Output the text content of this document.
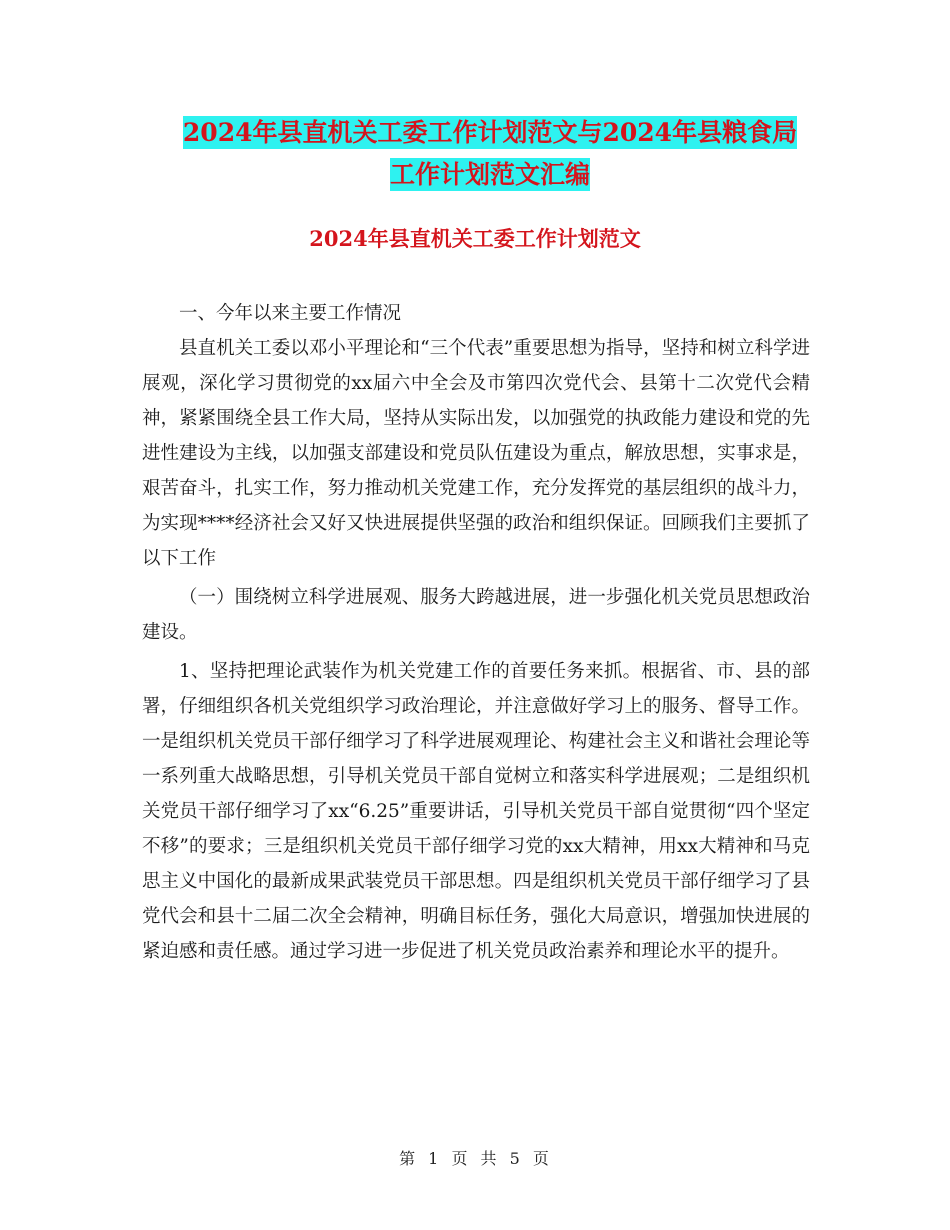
2024年县直机关工委工作计划范文与2024年县粮食局
工作计划范文汇编
2024年县直机关工委工作计划范文

一、今年以来主要工作情况

县直机关工委以邓小平理论和“三个代表”重要思想为指导，坚持和树立科学进展观，深化学习贯彻党的xx届六中全会及市第四次党代会、县第十二次党代会精神，紧紧围绕全县工作大局，坚持从实际出发，以加强党的执政能力建设和党的先进性建设为主线，以加强支部建设和党员队伍建设为重点，解放思想，实事求是，艰苦奋斗，扎实工作，努力推动机关党建工作，充分发挥党的基层组织的战斗力，为实现****经济社会又好又快进展提供坚强的政治和组织保证。回顾我们主要抓了以下工作

（一）围绕树立科学进展观、服务大跨越进展，进一步强化机关党员思想政治建设。

1、坚持把理论武装作为机关党建工作的首要任务来抓。根据省、市、县的部署，仔细组织各机关党组织学习政治理论，并注意做好学习上的服务、督导工作。一是组织机关党员干部仔细学习了科学进展观理论、构建社会主义和谐社会理论等一系列重大战略思想，引导机关党员干部自觉树立和落实科学进展观；二是组织机关党员干部仔细学习了xx“6.25”重要讲话，引导机关党员干部自觉贯彻“四个坚定不移”的要求；三是组织机关党员干部仔细学习党的xx大精神，用xx大精神和马克思主义中国化的最新成果武装党员干部思想。四是组织机关党员干部仔细学习了县党代会和县十二届二次全会精神，明确目标任务，强化大局意识，增强加快进展的紧迫感和责任感。通过学习进一步促进了机关党员政治素养和理论水平的提升。

第 1 页 共 5 页
